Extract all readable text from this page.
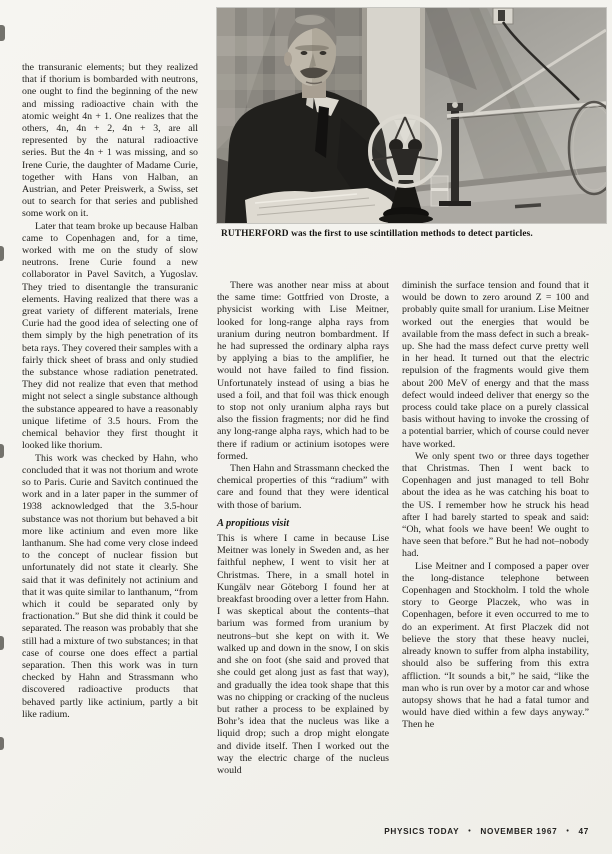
RUTHERFORD was the first to use scintillation methods to detect particles.

the transuranic elements; but they realized that if thorium is bombarded with neutrons, one ought to find the beginning of the new and missing radioactive chain with the atomic weight 4n + 1. One realizes that the others, 4n, 4n + 2, 4n + 3, are all represented by the natural radioactive series. But the 4n + 1 was missing, and so Irene Curie, the daughter of Madame Curie, together with Hans von Halban, an Austrian, and Peter Preiswerk, a Swiss, set out to search for that series and published some work on it.

Later that team broke up because Halban came to Copenhagen and, for a time, worked with me on the study of slow neutrons. Irene Curie found a new collaborator in Pavel Savitch, a Yugoslav. They tried to disentangle the transuranic elements. Having realized that there was a great variety of different materials, Irene Curie had the good idea of selecting one of them simply by the high penetration of its beta rays. They covered their samples with a fairly thick sheet of brass and only studied the substance whose radiation penetrated. They did not realize that even that method might not select a single substance although the substance appeared to have a reasonably unique lifetime of 3.5 hours. From the chemical behavior they first thought it looked like thorium.

This work was checked by Hahn, who concluded that it was not thorium and wrote so to Paris. Curie and Savitch continued the work and in a later paper in the summer of 1938 acknowledged that the 3.5-hour substance was not thorium but behaved a bit more like actinium and even more like lanthanum. She had come very close indeed to the concept of nuclear fission but unfortunately did not state it clearly. She said that it was definitely not actinium and that it was quite similar to lanthanum, “from which it could be separated only by fractionation.” But she did think it could be separated. The reason was probably that she still had a mixture of two substances; in that case of course one does effect a partial separation. Then this work was in turn checked by Hahn and Strassmann who discovered radioactive products that behaved partly like actinium, partly a bit like radium.

There was another near miss at about the same time: Gottfried von Droste, a physicist working with Lise Meitner, looked for long-range alpha rays from uranium during neutron bombardment. If he had supressed the ordinary alpha rays by applying a bias to the amplifier, he would not have failed to find fission. Unfortunately instead of using a bias he used a foil, and that foil was thick enough to stop not only uranium alpha rays but also the fission fragments; nor did he find any long-range alpha rays, which had to be there if radium or actinium isotopes were formed.

Then Hahn and Strassmann checked the chemical properties of this “radium” with care and found that they were identical with those of barium.

A propitious visit

This is where I came in because Lise Meitner was lonely in Sweden and, as her faithful nephew, I went to visit her at Christmas. There, in a small hotel in Kungälv near Göteborg I found her at breakfast brooding over a letter from Hahn. I was skeptical about the contents–that barium was formed from uranium by neutrons–but she kept on with it. We walked up and down in the snow, I on skis and she on foot (she said and proved that she could get along just as fast that way), and gradually the idea took shape that this was no chipping or cracking of the nucleus but rather a process to be explained by Bohr’s idea that the nucleus was like a liquid drop; such a drop might elongate and divide itself. Then I worked out the way the electric charge of the nucleus would

diminish the surface tension and found that it would be down to zero around Z = 100 and probably quite small for uranium. Lise Meitner worked out the energies that would be available from the mass defect in such a break-up. She had the mass defect curve pretty well in her head. It turned out that the electric repulsion of the fragments would give them about 200 MeV of energy and that the mass defect would indeed deliver that energy so the process could take place on a purely classical basis without having to invoke the crossing of a potential barrier, which of course could never have worked.

We only spent two or three days together that Christmas. Then I went back to Copenhagen and just managed to tell Bohr about the idea as he was catching his boat to the US. I remember how he struck his head after I had barely started to speak and said: “Oh, what fools we have been! We ought to have seen that before.” But he had not–nobody had.

Lise Meitner and I composed a paper over the long-distance telephone between Copenhagen and Stockholm. I told the whole story to George Placzek, who was in Copenhagen, before it even occurred to me to do an experiment. At first Placzek did not believe the story that these heavy nuclei, already known to suffer from alpha instability, should also be suffering from this extra affliction. “It sounds a bit,” he said, “like the man who is run over by a motor car and whose autopsy shows that he had a fatal tumor and would have died within a few days anyway.” Then he

PHYSICS TODAY • NOVEMBER 1967 • 47
